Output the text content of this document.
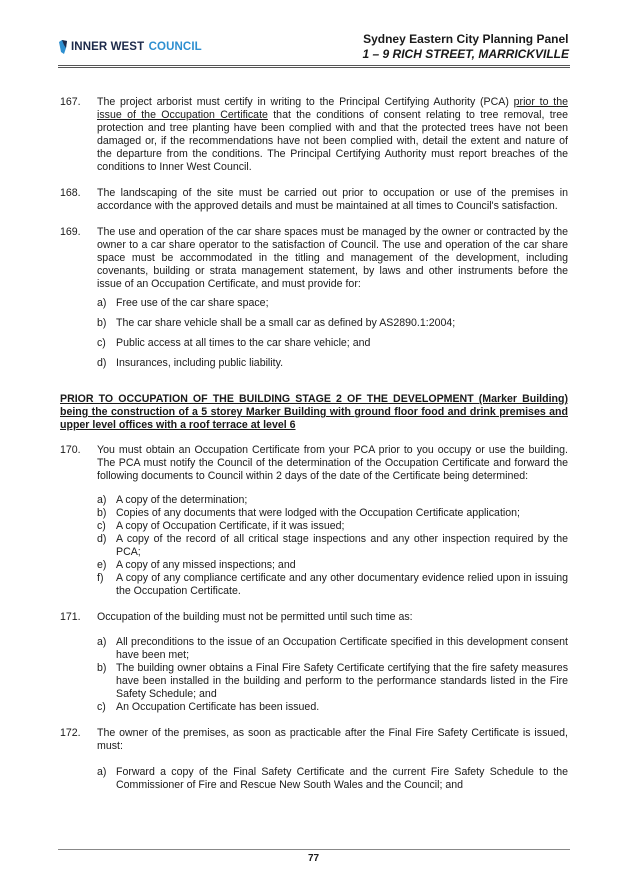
INNER WEST
COUNCIL
Sydney Eastern City Planning Panel
1 – 9 RICH STREET, MARRICKVILLE
167.	The project arborist must certify in writing to the Principal Certifying Authority (PCA) prior to the issue of the Occupation Certificate that the conditions of consent relating to tree removal, tree protection and tree planting have been complied with and that the protected trees have not been damaged or, if the recommendations have not been complied with, detail the extent and nature of the departure from the conditions. The Principal Certifying Authority must report breaches of the conditions to Inner West Council.
168.	The landscaping of the site must be carried out prior to occupation or use of the premises in accordance with the approved details and must be maintained at all times to Council's satisfaction.
169.	The use and operation of the car share spaces must be managed by the owner or contracted by the owner to a car share operator to the satisfaction of Council. The use and operation of the car share space must be accommodated in the titling and management of the development, including covenants, building or strata management statement, by laws and other instruments before the issue of an Occupation Certificate, and must provide for:
a) Free use of the car share space;
b) The car share vehicle shall be a small car as defined by AS2890.1:2004;
c) Public access at all times to the car share vehicle; and
d) Insurances, including public liability.
PRIOR TO OCCUPATION OF THE BUILDING STAGE 2 OF THE DEVELOPMENT (Marker Building) being the construction of a 5 storey Marker Building with ground floor food and drink premises and upper level offices with a roof terrace at level 6
170.	You must obtain an Occupation Certificate from your PCA prior to you occupy or use the building. The PCA must notify the Council of the determination of the Occupation Certificate and forward the following documents to Council within 2 days of the date of the Certificate being determined:
a) A copy of the determination;
b) Copies of any documents that were lodged with the Occupation Certificate application;
c) A copy of Occupation Certificate, if it was issued;
d) A copy of the record of all critical stage inspections and any other inspection required by the PCA;
e) A copy of any missed inspections; and
f)	A copy of any compliance certificate and any other documentary evidence relied upon in issuing the Occupation Certificate.
171.	Occupation of the building must not be permitted until such time as:
a) All preconditions to the issue of an Occupation Certificate specified in this development consent have been met;
b) The building owner obtains a Final Fire Safety Certificate certifying that the fire safety measures have been installed in the building and perform to the performance standards listed in the Fire Safety Schedule; and
c) An Occupation Certificate has been issued.
172.	The owner of the premises, as soon as practicable after the Final Fire Safety Certificate is issued, must:
a) Forward a copy of the Final Safety Certificate and the current Fire Safety Schedule to the Commissioner of Fire and Rescue New South Wales and the Council; and
77
